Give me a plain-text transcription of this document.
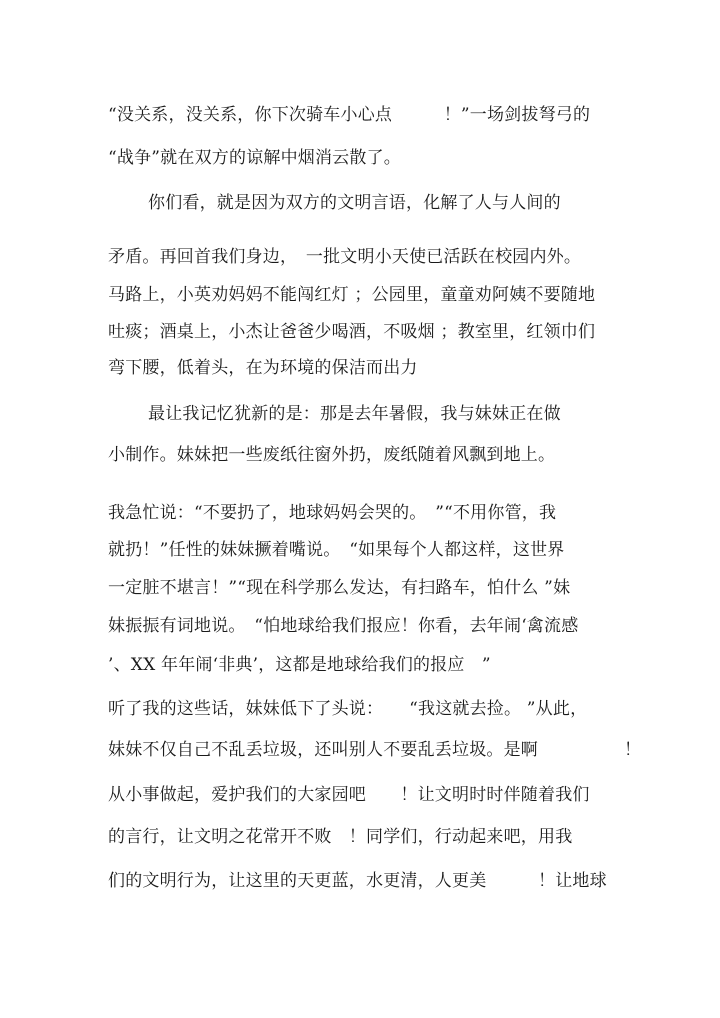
“没关系，没关系，你下次骑车小心点　　　！”一场剑拔弩弓的
“战争”就在双方的谅解中烟消云散了。
你们看，就是因为双方的文明言语，化解了人与人间的
矛盾。再回首我们身边，　一批文明小天使已活跃在校园内外。
马路上，小英劝妈妈不能闯红灯 ；公园里，童童劝阿姨不要随地
吐痰；酒桌上，小杰让爸爸少喝酒，不吸烟 ；教室里，红领巾们
弯下腰，低着头，在为环境的保洁而出力
最让我记忆犹新的是：那是去年暑假，我与妹妹正在做
小制作。妹妹把一些废纸往窗外扔，废纸随着风飘到地上。
我急忙说：“不要扔了，地球妈妈会哭的。　”“不用你管，我
就扔！”任性的妹妹撅着嘴说。　“如果每个人都这样，这世界
一定脏不堪言！”“现在科学那么发达，有扫路车，怕什么 ”妹
妹振振有词地说。　“怕地球给我们报应！你看，去年闹‘禽流感
’、XX 年年闹‘非典’，这都是地球给我们的报应　”
听了我的这些话，妹妹低下了头说：　　“我这就去捡。 ”从此，
妹妹不仅自己不乱丢垃圾，还叫别人不要乱丢垃圾。是啊　　　　　！
从小事做起，爱护我们的大家园吧　　！让文明时时伴随着我们
的言行，让文明之花常开不败　！同学们，行动起来吧，用我
们的文明行为，让这里的天更蓝，水更清，人更美　　　！让地球
